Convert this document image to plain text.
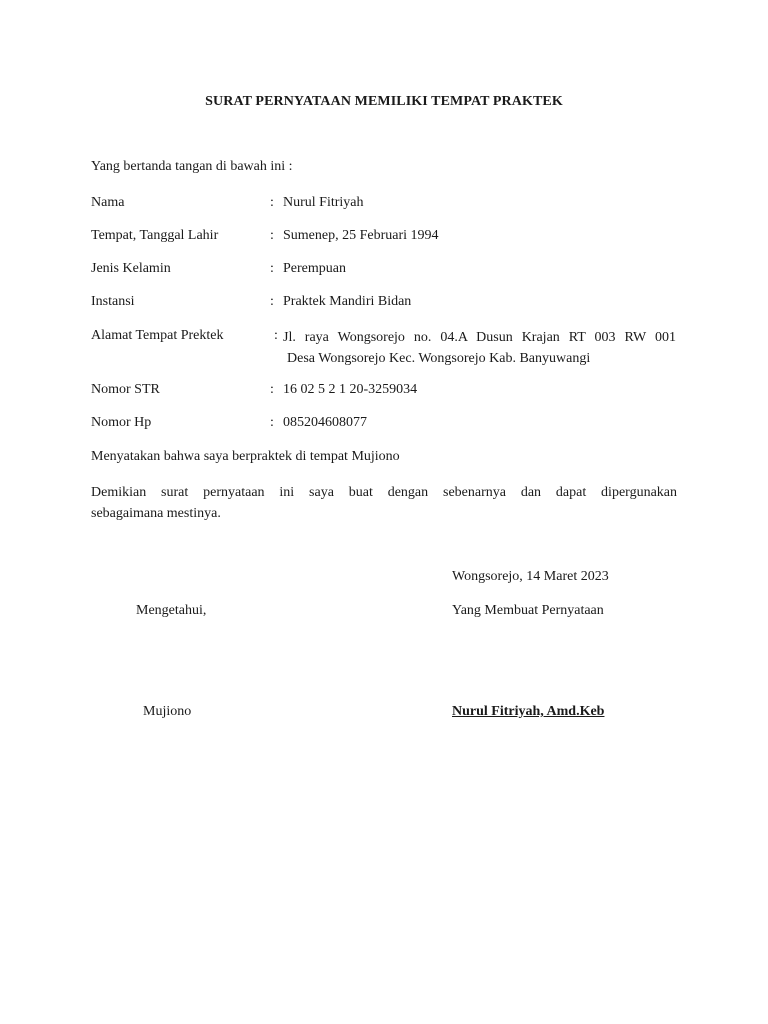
SURAT PERNYATAAN MEMILIKI TEMPAT PRAKTEK
Yang bertanda tangan di bawah ini :
Nama	: Nurul Fitriyah
Tempat, Tanggal Lahir	: Sumenep, 25 Februari 1994
Jenis Kelamin	: Perempuan
Instansi	: Praktek Mandiri Bidan
Alamat Tempat Prektek	: Jl. raya Wongsorejo no. 04.A Dusun Krajan RT 003 RW 001
Desa Wongsorejo Kec. Wongsorejo Kab. Banyuwangi
Nomor STR	: 16 02 5 2 1 20-3259034
Nomor Hp	: 085204608077
Menyatakan bahwa saya berpraktek di tempat Mujiono
Demikian surat pernyataan ini saya buat dengan sebenarnya dan dapat dipergunakan
sebagaimana mestinya.
Wongsorejo, 14 Maret 2023
Mengetahui,	Yang Membuat Pernyataan
Mujiono	Nurul Fitriyah, Amd.Keb
